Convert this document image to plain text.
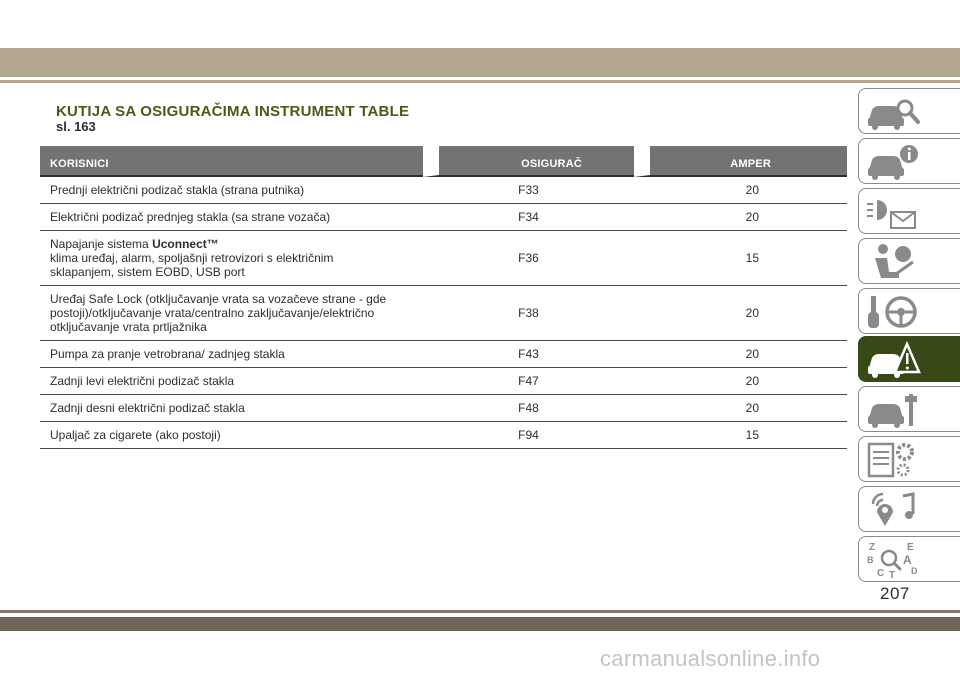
KUTIJA SA OSIGURAČIMA INSTRUMENT TABLE
sl. 163
KORISNICI	OSIGURAČ	AMPER
Prednji električni podizač stakla (strana putnika)	F33	20
Električni podizač prednjeg stakla (sa strane vozača)	F34	20
Napajanje sistema Uconnect™
klima uređaj, alarm, spoljašnji retrovizori s električnim
sklapanjem, sistem EOBD, USB port	F36	15
Uređaj Safe Lock (otključavanje vrata sa vozačeve strane - gde
postoji)/otključavanje vrata/centralno zaključavanje/električno
otključavanje vrata prtljažnika	F38	20
Pumpa za pranje vetrobrana/ zadnjeg stakla	F43	20
Zadnji levi električni podizač stakla	F47	20
Zadnji desni električni podizač stakla	F48	20
Upaljač za cigarete (ako postoji)	F94	15
Z	E
B A
C T D
207
carmanualsonline.info
